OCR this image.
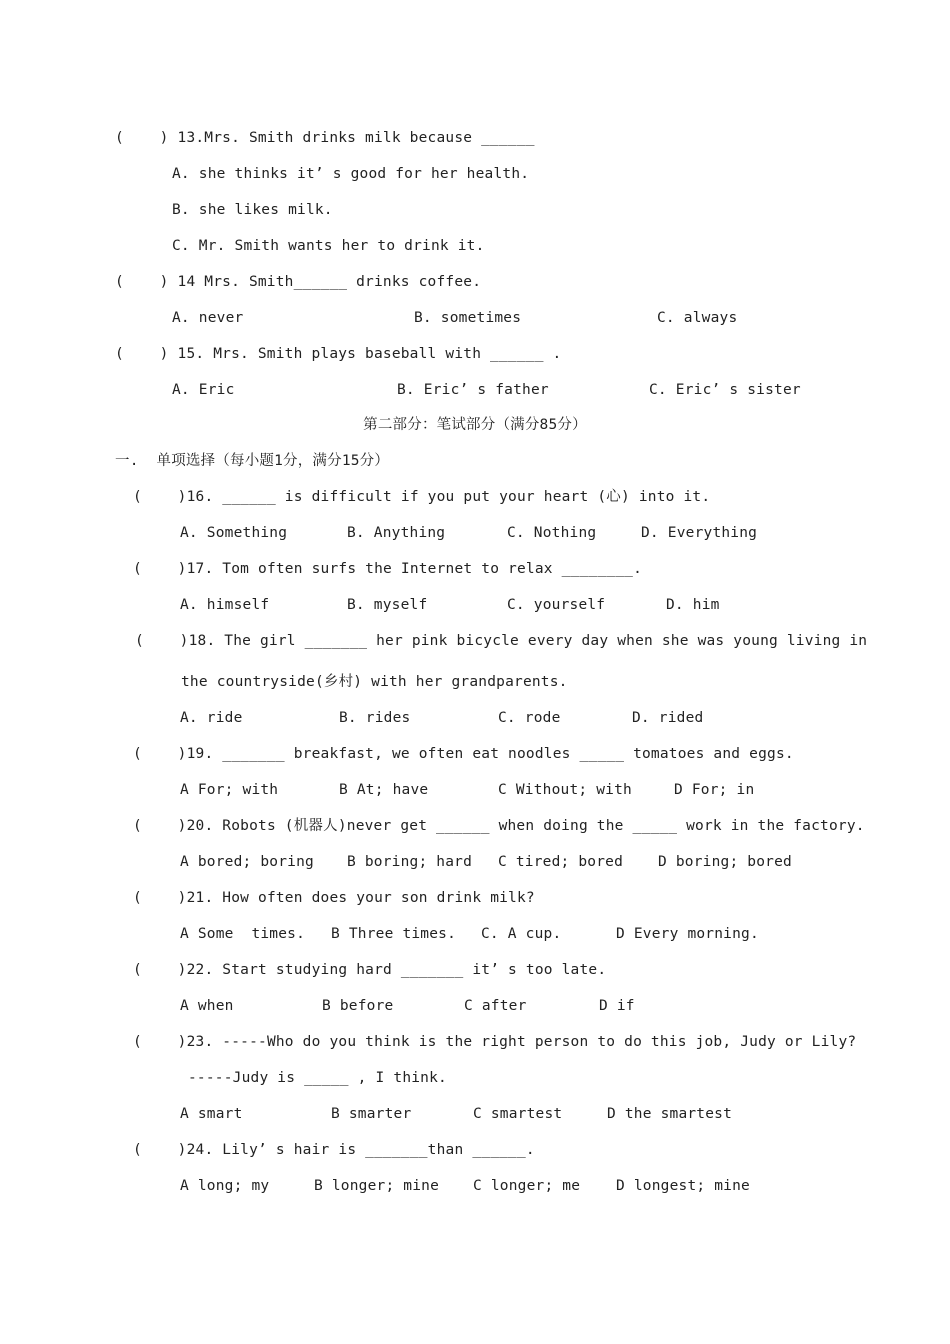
(    ) 13.Mrs. Smith drinks milk because ______
A. she thinks it’ s good for her health.
B. she likes milk.
C. Mr. Smith wants her to drink it.
(    ) 14 Mrs. Smith______ drinks coffee.
A. never	B. sometimes	C. always
(    ) 15. Mrs. Smith plays baseball with ______ .
A. Eric	B. Eric’ s father	C. Eric’ s sister
第二部分：笔试部分（满分85分）
一.  单项选择（每小题1分，满分15分）
(    )16. ______ is difficult if you put your heart (心) into it.
A. Something	B. Anything	C. Nothing	D. Everything
(    )17. Tom often surfs the Internet to relax ________.
A. himself	B. myself	C. yourself	D. him
(    )18. The girl _______ her pink bicycle every day when she was young living in
the countryside(乡村) with her grandparents.
A. ride	B. rides	C. rode	D. rided
(    )19. _______ breakfast, we often eat noodles _____ tomatoes and eggs.
A For; with	B At; have	C Without; with	D For; in
(    )20. Robots (机器人)never get ______ when doing the _____ work in the factory.
A bored; boring B boring; hard C tired; bored D boring; bored
(    )21. How often does your son drink milk?
A Some  times. B Three times. C. A cup.	D Every morning.
(    )22. Start studying hard _______ it’ s too late.
A when	B before	C after	D if
(    )23. -----Who do you think is the right person to do this job, Judy or Lily?
-----Judy is _____ , I think.
A smart	B smarter	C smartest	D the smartest
(    )24. Lily’ s hair is _______than ______.
A long; my	B longer; mine C longer; me D longest; mine
